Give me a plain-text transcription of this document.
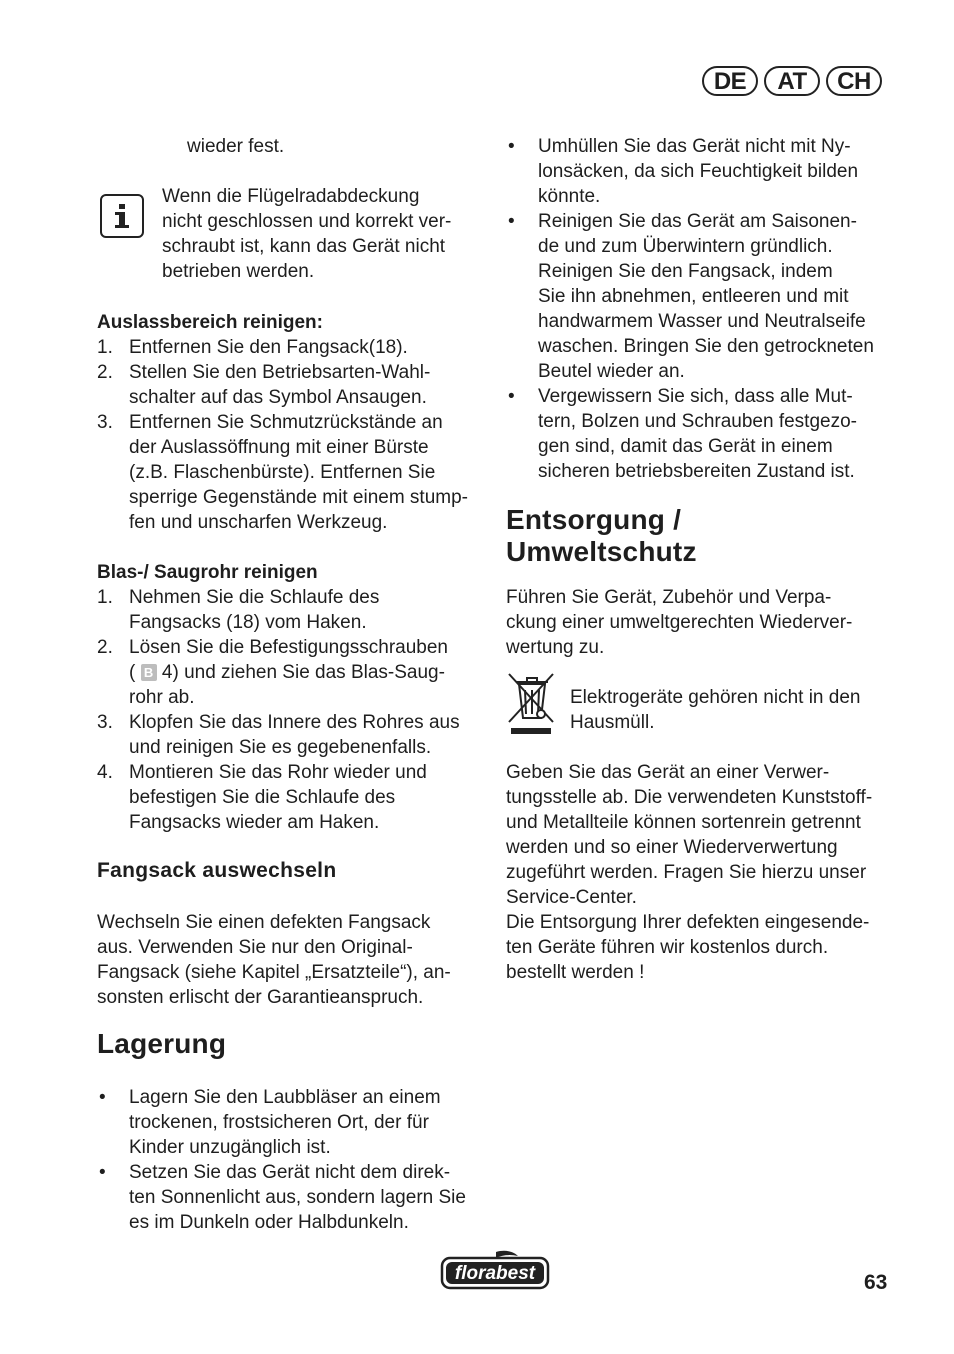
DE	AT	CH

wieder fest.

Wenn die Flügelradabdeckung

nicht geschlossen und korrekt ver-

schraubt ist, kann das Gerät nicht

betrieben werden.

Auslassbereich reinigen:

1. Entfernen Sie den Fangsack(18).

2. Stellen Sie den Betriebsarten-Wahl-

schalter auf das Symbol Ansaugen.

3. Entfernen Sie Schmutzrückstände an

der Auslassöffnung mit einer Bürste

(z.B. Flaschenbürste). Entfernen Sie

sperrige Gegenstände mit einem stump-

fen und unscharfen Werkzeug.

Blas-/ Saugrohr reinigen

1. Nehmen Sie die Schlaufe des

Fangsacks (18) vom Haken.

2. Lösen Sie die Befestigungsschrauben

( B 4) und ziehen Sie das Blas-Saug-

rohr ab.

3. Klopfen Sie das Innere des Rohres aus

und reinigen Sie es gegebenenfalls.

4. Montieren Sie das Rohr wieder und

befestigen Sie die Schlaufe des

Fangsacks wieder am Haken.

Fangsack auswechseln

Wechseln Sie einen defekten Fangsack

aus. Verwenden Sie nur den Original-

Fangsack (siehe Kapitel „Ersatzteile“), an-

sonsten erlischt der Garantieanspruch.

Lagerung

• Lagern Sie den Laubbläser an einem

trockenen, frostsicheren Ort, der für

Kinder unzugänglich ist.

• Setzen Sie das Gerät nicht dem direk-

ten Sonnenlicht aus, sondern lagern Sie

es im Dunkeln oder Halbdunkeln.

• Umhüllen Sie das Gerät nicht mit Ny-

lonsäcken, da sich Feuchtigkeit bilden

könnte.

• Reinigen Sie das Gerät am Saisonen-

de und zum Überwintern gründlich.

Reinigen Sie den Fangsack, indem

Sie ihn abnehmen, entleeren und mit

handwarmem Wasser und Neutralseife

waschen. Bringen Sie den getrockneten

Beutel wieder an.

• Vergewissern Sie sich, dass alle Mut-

tern, Bolzen und Schrauben festgezo-

gen sind, damit das Gerät in einem

sicheren betriebsbereiten Zustand ist.

Entsorgung /

Umweltschutz

Führen Sie Gerät, Zubehör und Verpa-

ckung einer umweltgerechten Wiederver-

wertung zu.

Elektrogeräte gehören nicht in den

Hausmüll.

Geben Sie das Gerät an einer Verwer-

tungsstelle ab. Die verwendeten Kunststoff-

und Metallteile können sortenrein getrennt

werden und so einer Wiederverwertung

zugeführt werden. Fragen Sie hierzu unser

Service-Center.

Die Entsorgung Ihrer defekten eingesende-

ten Geräte führen wir kostenlos durch.

bestellt werden !

florabest	63
